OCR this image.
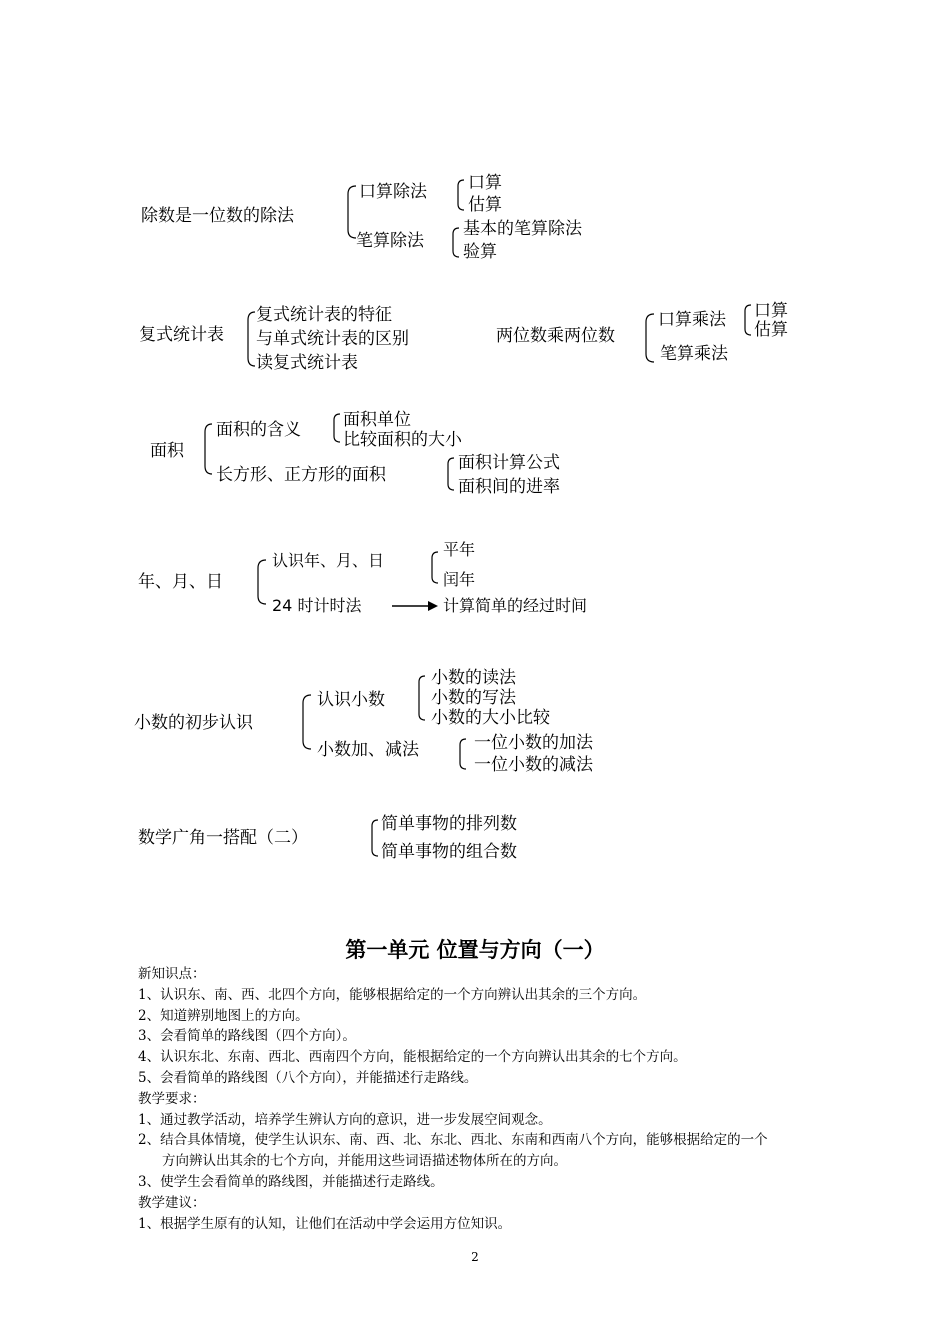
除数是一位数的除法
口算除法 口算
估算
笔算除法
基本的笔算除法
验算
复式统计表
复式统计表的特征
与单式统计表的区别
读复式统计表
两位数乘两位数
口算乘法 口算
估算
笔算乘法
面积
面积的含义 面积单位
比较面积的大小
长方形、正方形的面积
面积计算公式
面积间的进率
年、月、日
认识年、月、日
平年
闰年
24 时计时法	计算简单的经过时间
小数的初步认识
认识小数
小数的读法
小数的写法
小数的大小比较
小数加、减法	一位小数的加法
一位小数的减法
数学广角一搭配（二）
简单事物的排列数
简单事物的组合数
第一单元 位置与方向（一）
新知识点：
1、认识东、南、西、北四个方向，能够根据给定的一个方向辨认出其余的三个方向。
2、知道辨别地图上的方向。
3、会看简单的路线图（四个方向）。
4、认识东北、东南、西北、西南四个方向，能根据给定的一个方向辨认出其余的七个方向。
5、会看简单的路线图（八个方向），并能描述行走路线。
教学要求：
1、通过教学活动，培养学生辨认方向的意识，进一步发展空间观念。
2、结合具体情境，使学生认识东、南、西、北、东北、西北、东南和西南八个方向，能够根据给定的一个
方向辨认出其余的七个方向，并能用这些词语描述物体所在的方向。
3、使学生会看简单的路线图，并能描述行走路线。
教学建议：
1、根据学生原有的认知，让他们在活动中学会运用方位知识。
2
